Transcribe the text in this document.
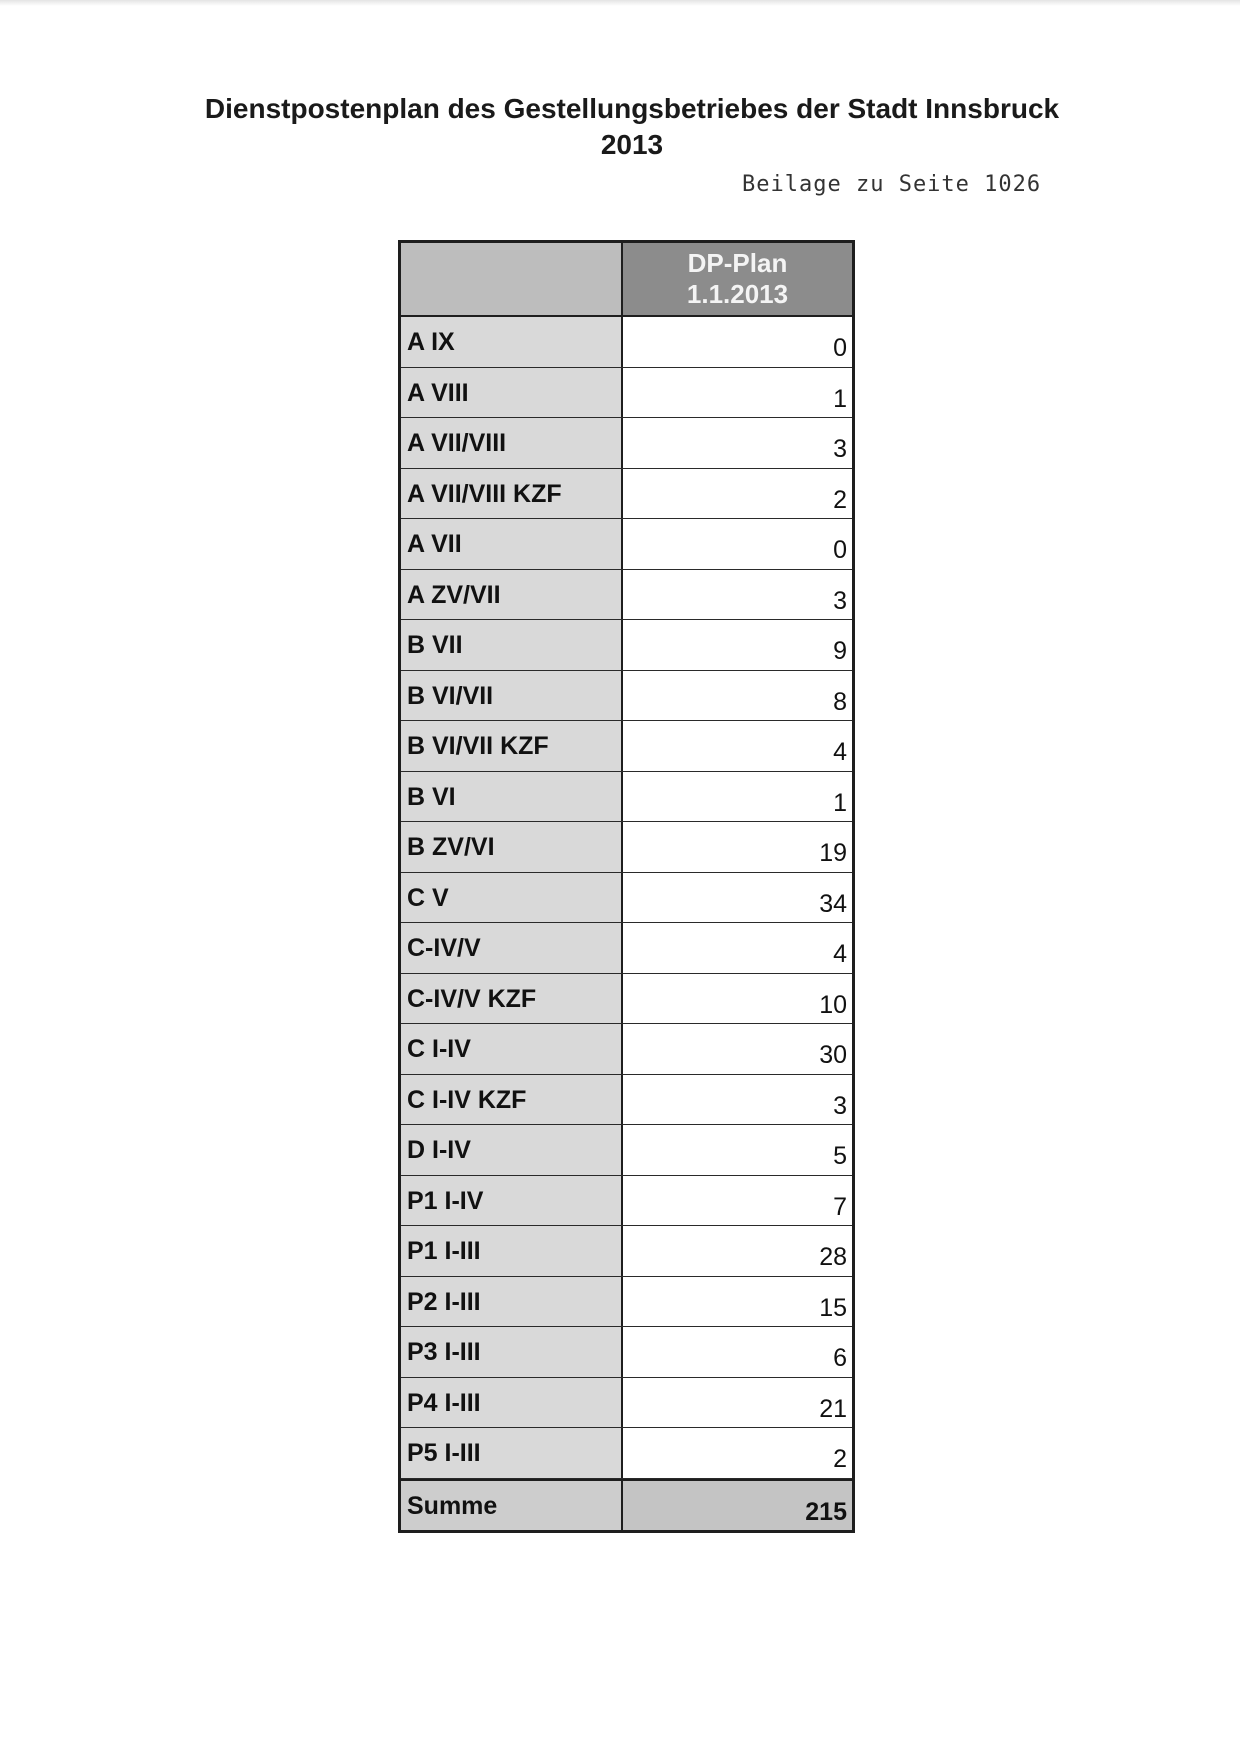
Dienstpostenplan des Gestellungsbetriebes der Stadt Innsbruck
2013
Beilage zu Seite 1026
DP-Plan
1.1.2013
A IX	0
A VIII	1
A VII/VIII	3
A VII/VIII KZF	2
A VII	0
A ZV/VII	3
B VII	9
B VI/VII	8
B VI/VII KZF	4
B VI	1
B ZV/VI	19
C V	34
C-IV/V	4
C-IV/V KZF	10
C I-IV	30
C I-IV KZF	3
D I-IV	5
P1 I-IV	7
P1 I-III	28
P2 I-III	15
P3 I-III	6
P4 I-III	21
P5 I-III	2
Summe	215
